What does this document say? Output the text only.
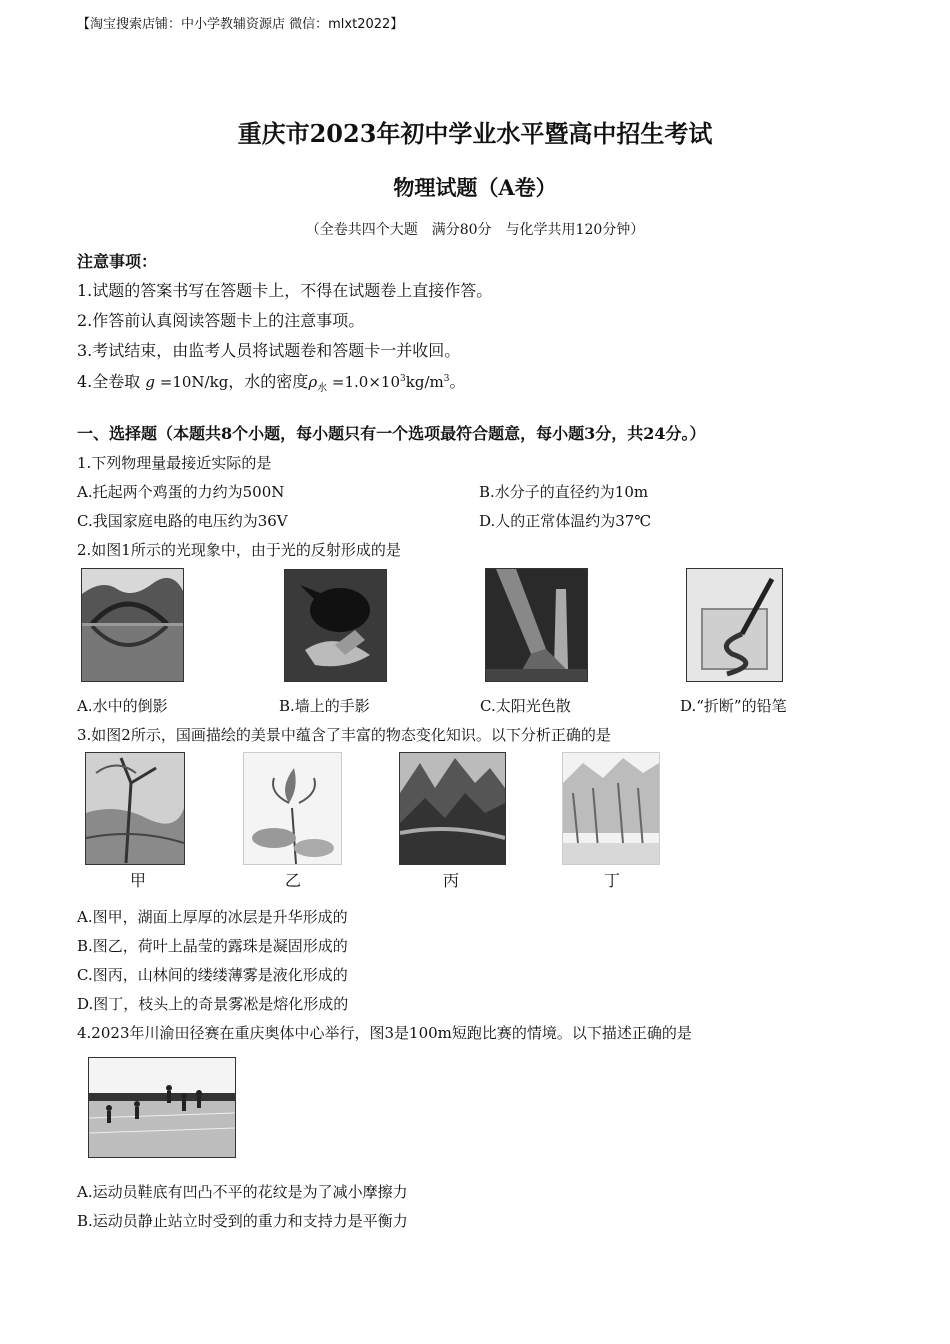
【淘宝搜索店铺：中小学教辅资源店 微信：mlxt2022】
重庆市2023年初中学业水平暨高中招生考试
物理试题（A卷）
（全卷共四个大题　满分80分　与化学共用120分钟）
注意事项：
1.试题的答案书写在答题卡上，不得在试题卷上直接作答。
2.作答前认真阅读答题卡上的注意事项。
3.考试结束，由监考人员将试题卷和答题卡一并收回。
4.全卷取 g =10N/kg，水的密度$\rho_水 =1.0\times 10^3kg/m^3$。
一、选择题（本题共8个小题，每小题只有一个选项最符合题意，每小题3分，共24分。）
1.下列物理量最接近实际的是
A.托起两个鸡蛋的力约为500N	B.水分子的直径约为10m
C.我国家庭电路的电压约为36V	D.人的正常体温约为37℃
2.如图1所示的光现象中，由于光的反射形成的是
A.水中的倒影	B.墙上的手影	C.太阳光色散	D.“折断”的铅笔
3.如图2所示，国画描绘的美景中蕴含了丰富的物态变化知识。以下分析正确的是
甲	乙	丙	丁
A.图甲，湖面上厚厚的冰层是升华形成的
B.图乙，荷叶上晶莹的露珠是凝固形成的
C.图丙，山林间的缕缕薄雾是液化形成的
D.图丁，枝头上的奇景雾凇是熔化形成的
4.2023年川渝田径赛在重庆奥体中心举行，图3是100m短跑比赛的情境。以下描述正确的是
A.运动员鞋底有凹凸不平的花纹是为了减小摩擦力
B.运动员静止站立时受到的重力和支持力是平衡力
